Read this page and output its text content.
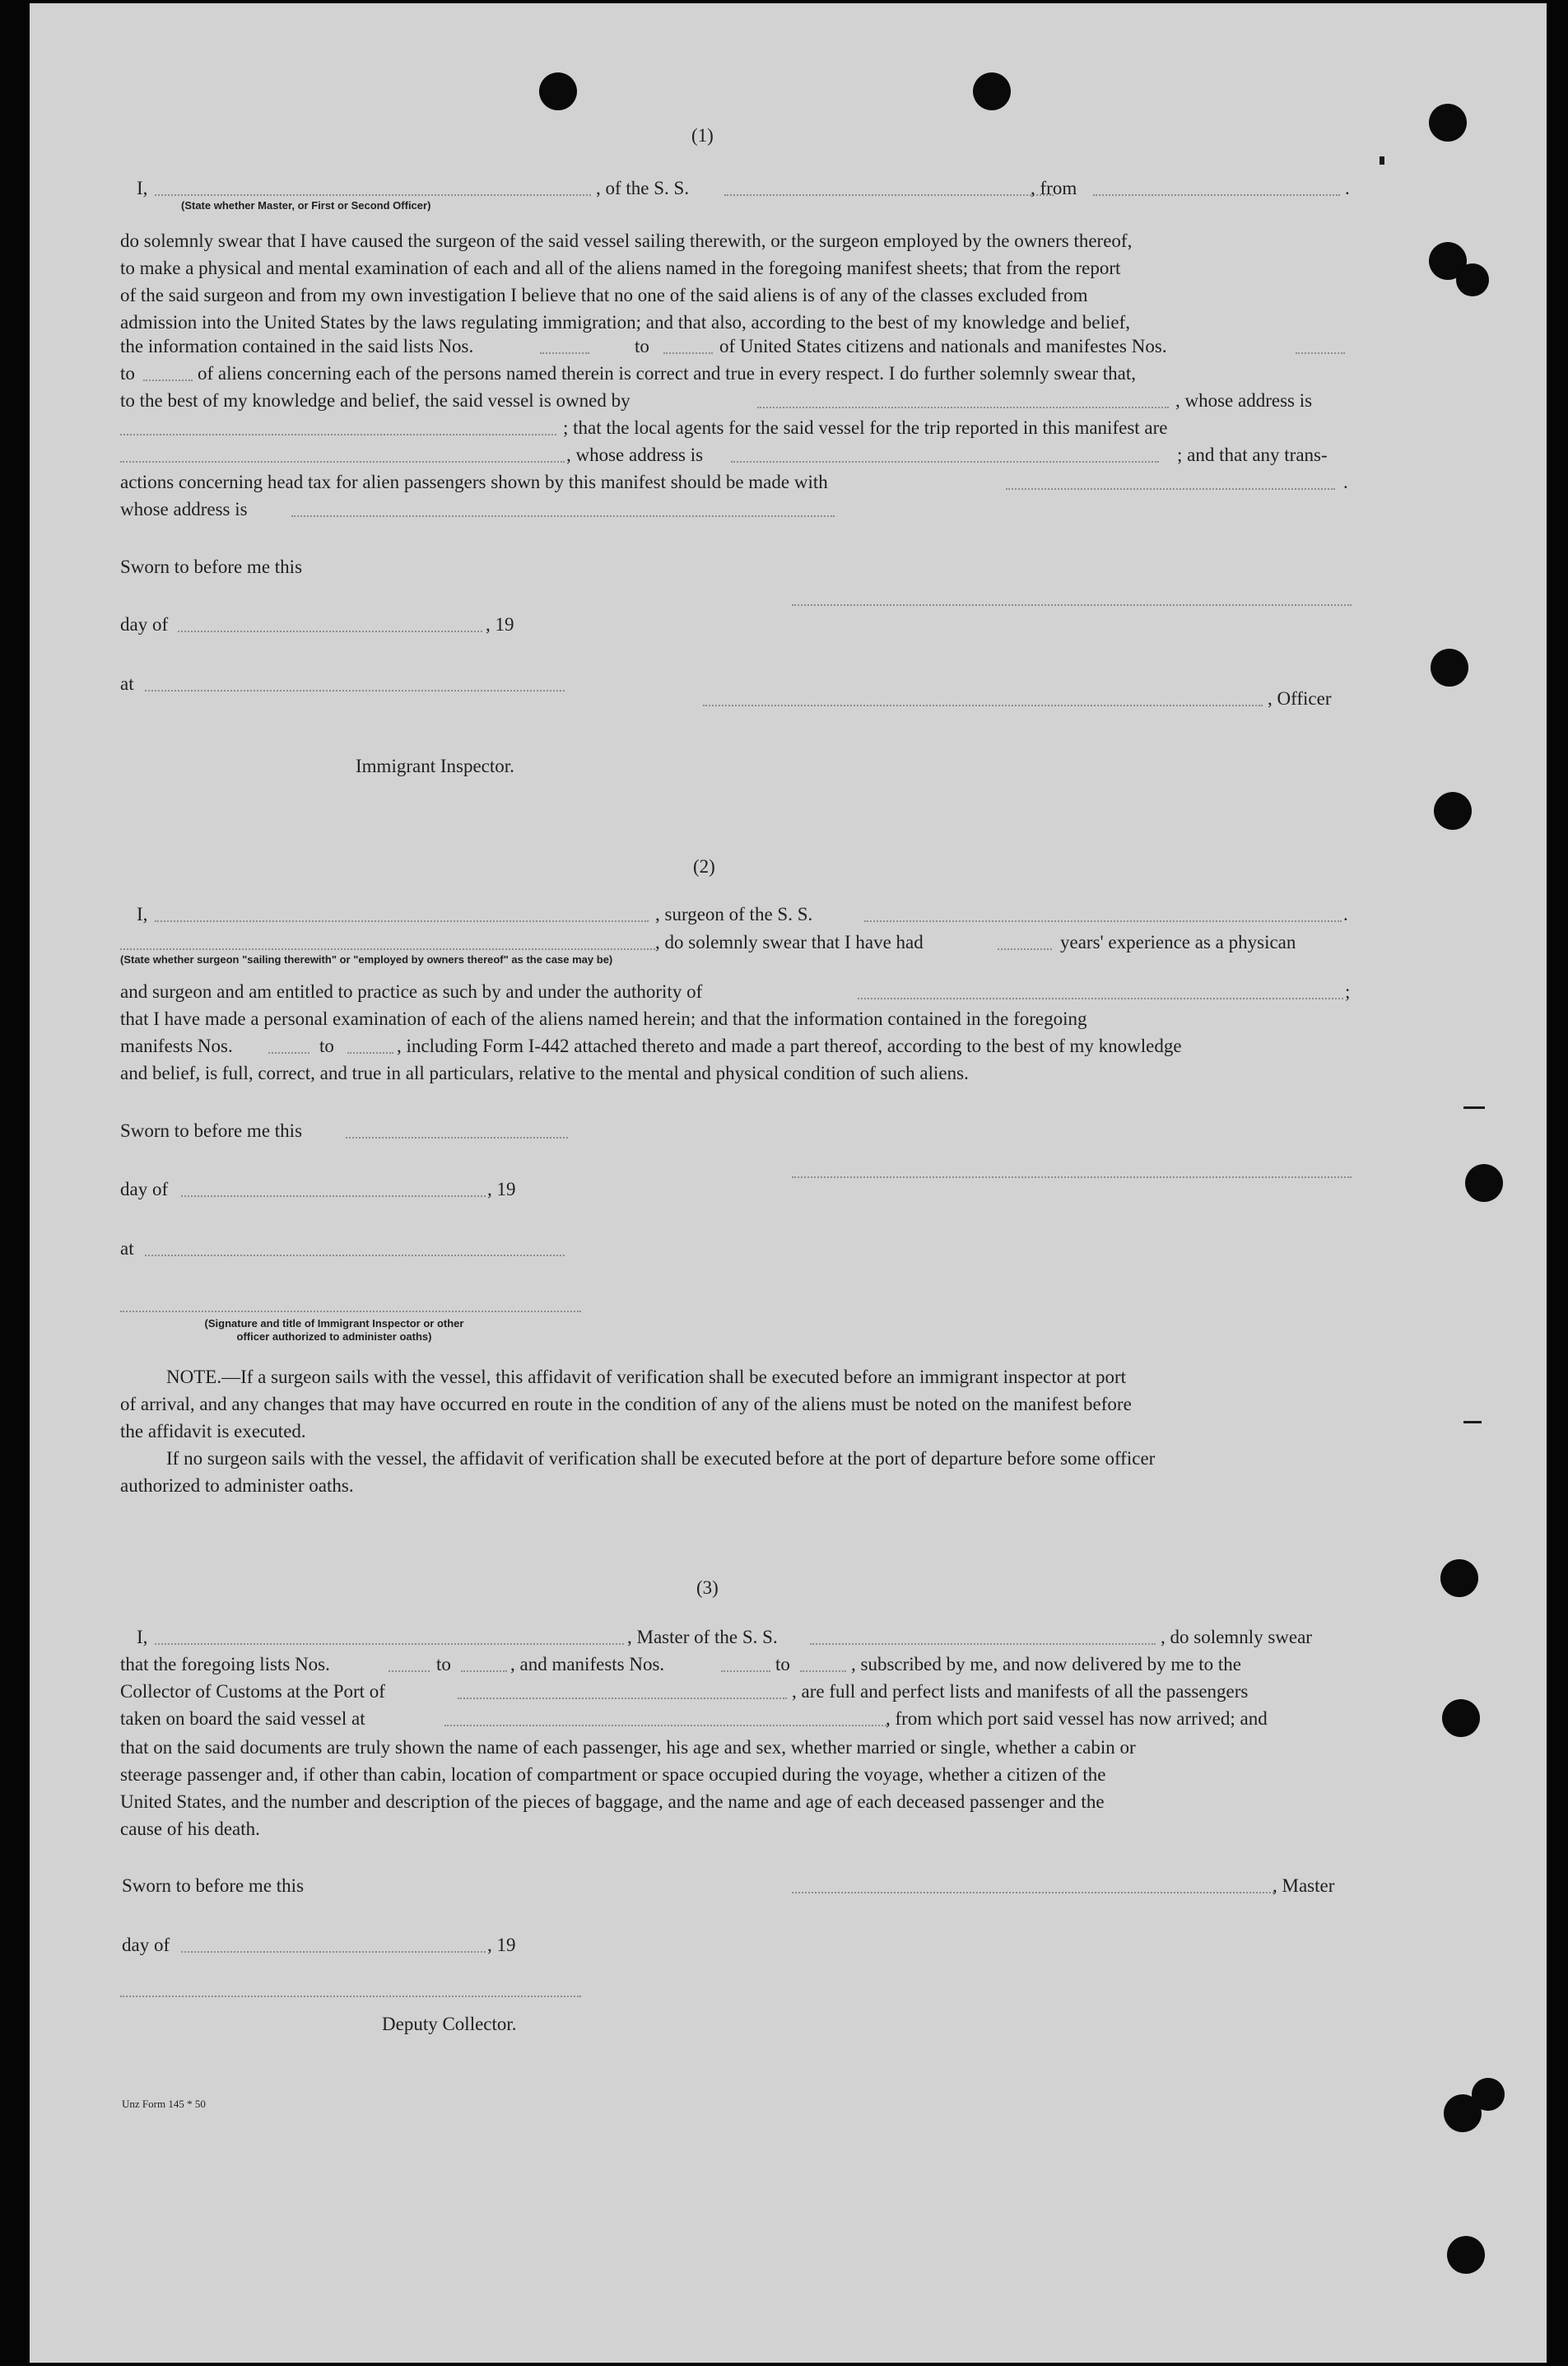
(1)
I,	, of the S. S.	, from	.
(State whether Master, or First or Second Officer)
do solemnly swear that I have caused the surgeon of the said vessel sailing therewith, or the surgeon employed by the owners thereof,
to make a physical and mental examination of each and all of the aliens named in the foregoing manifest sheets; that from the report
of the said surgeon and from my own investigation I believe that no one of the said aliens is of any of the classes excluded from
admission into the United States by the laws regulating immigration; and that also, according to the best of my knowledge and belief,
the information contained in the said lists Nos.	to	of United States citizens and nationals and manifestes Nos.
to	of aliens concerning each of the persons named therein is correct and true in every respect. I do further solemnly swear that,
to the best of my knowledge and belief, the said vessel is owned by	, whose address is
; that the local agents for the said vessel for the trip reported in this manifest are
, whose address is	; and that any trans-
actions concerning head tax for alien passengers shown by this manifest should be made with	.
whose address is
Sworn to before me this
day of	, 19
at
, Officer
Immigrant Inspector.
(2)
I,	, surgeon of the S. S.	.
, do solemnly swear that I have had	years' experience as a physican
(State whether surgeon "sailing therewith" or "employed by owners thereof" as the case may be)
and surgeon and am entitled to practice as such by and under the authority of	;
that I have made a personal examination of each of the aliens named herein; and that the information contained in the foregoing
manifests Nos.	to	, including Form I-442 attached thereto and made a part thereof, according to the best of my knowledge
and belief, is full, correct, and true in all particulars, relative to the mental and physical condition of such aliens.
Sworn to before me this
day of	, 19
at
(Signature and title of Immigrant Inspector or other
officer authorized to administer oaths)
NOTE.—If a surgeon sails with the vessel, this affidavit of verification shall be executed before an immigrant inspector at port
of arrival, and any changes that may have occurred en route in the condition of any of the aliens must be noted on the manifest before
the affidavit is executed.
If no surgeon sails with the vessel, the affidavit of verification shall be executed before at the port of departure before some officer
authorized to administer oaths.
(3)
I,	, Master of the S. S.	, do solemnly swear
that the foregoing lists Nos.	to	, and manifests Nos.	to	, subscribed by me, and now delivered by me to the
Collector of Customs at the Port of	, are full and perfect lists and manifests of all the passengers
taken on board the said vessel at	, from which port said vessel has now arrived; and
that on the said documents are truly shown the name of each passenger, his age and sex, whether married or single, whether a cabin or
steerage passenger and, if other than cabin, location of compartment or space occupied during the voyage, whether a citizen of the
United States, and the number and description of the pieces of baggage, and the name and age of each deceased passenger and the
cause of his death.
Sworn to before me this	, Master
day of	, 19
Deputy Collector.
Unz Form 145 * 50
